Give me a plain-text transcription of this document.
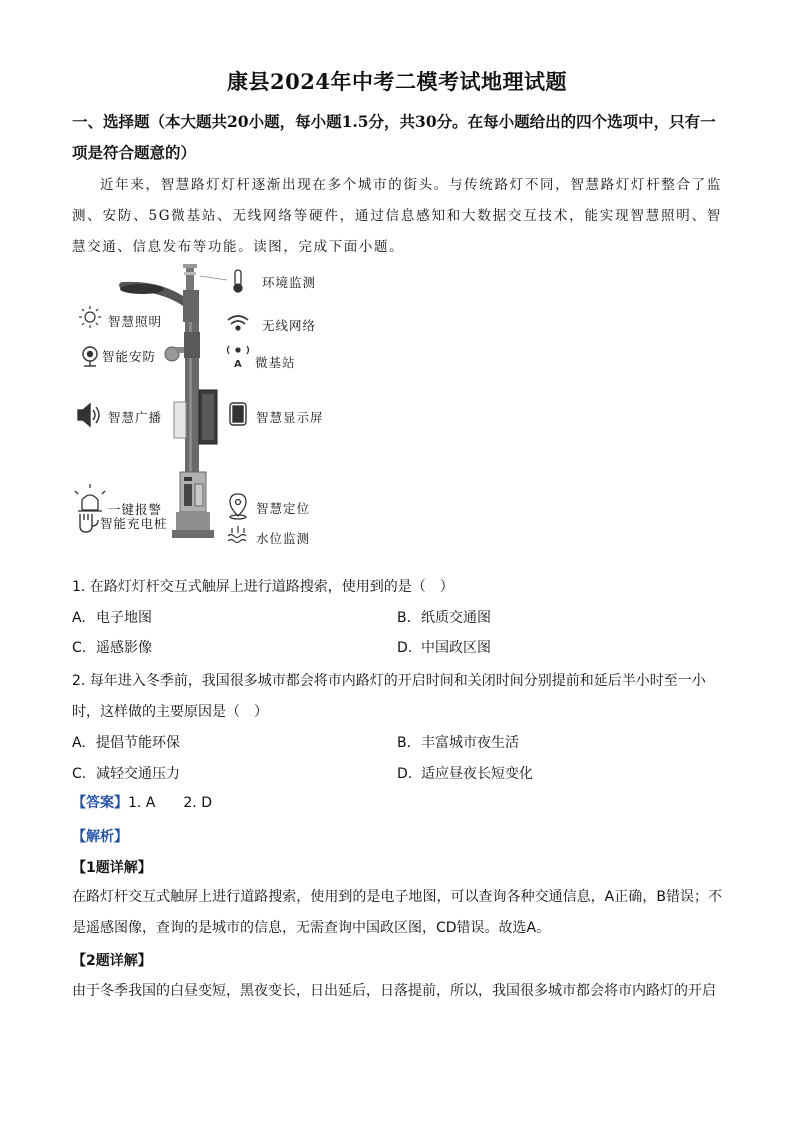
康县2024年中考二模考试地理试题
一、选择题（本大题共20小题，每小题1.5分，共30分。在每小题给出的四个选项中，只有一项是符合题意的）
近年来，智慧路灯灯杆逐渐出现在多个城市的街头。与传统路灯不同，智慧路灯灯杆整合了监测、安防、5G微基站、无线网络等硬件，通过信息感知和大数据交互技术，能实现智慧照明、智慧交通、信息发布等功能。读图，完成下面小题。
A
环境监测
智慧照明	无线网络
智能安防	微基站
智慧广播	智慧显示屏
一键报警	智慧定位
智能充电桩
水位监测
1. 在路灯灯杆交互式触屏上进行道路搜索，使用到的是（　）
A. 电子地图	B. 纸质交通图
C. 遥感影像	D. 中国政区图
2. 每年进入冬季前，我国很多城市都会将市内路灯的开启时间和关闭时间分别提前和延后半小时至一小时，这样做的主要原因是（　）
A. 提倡节能环保	B. 丰富城市夜生活
C. 减轻交通压力	D. 适应昼夜长短变化
【答案】1. A　　2. D
【解析】
【1题详解】
在路灯杆交互式触屏上进行道路搜索，使用到的是电子地图，可以查询各种交通信息，A正确，B错误；不是遥感图像，查询的是城市的信息，无需查询中国政区图，CD错误。故选A。
【2题详解】
由于冬季我国的白昼变短，黑夜变长，日出延后，日落提前，所以，我国很多城市都会将市内路灯的开启
